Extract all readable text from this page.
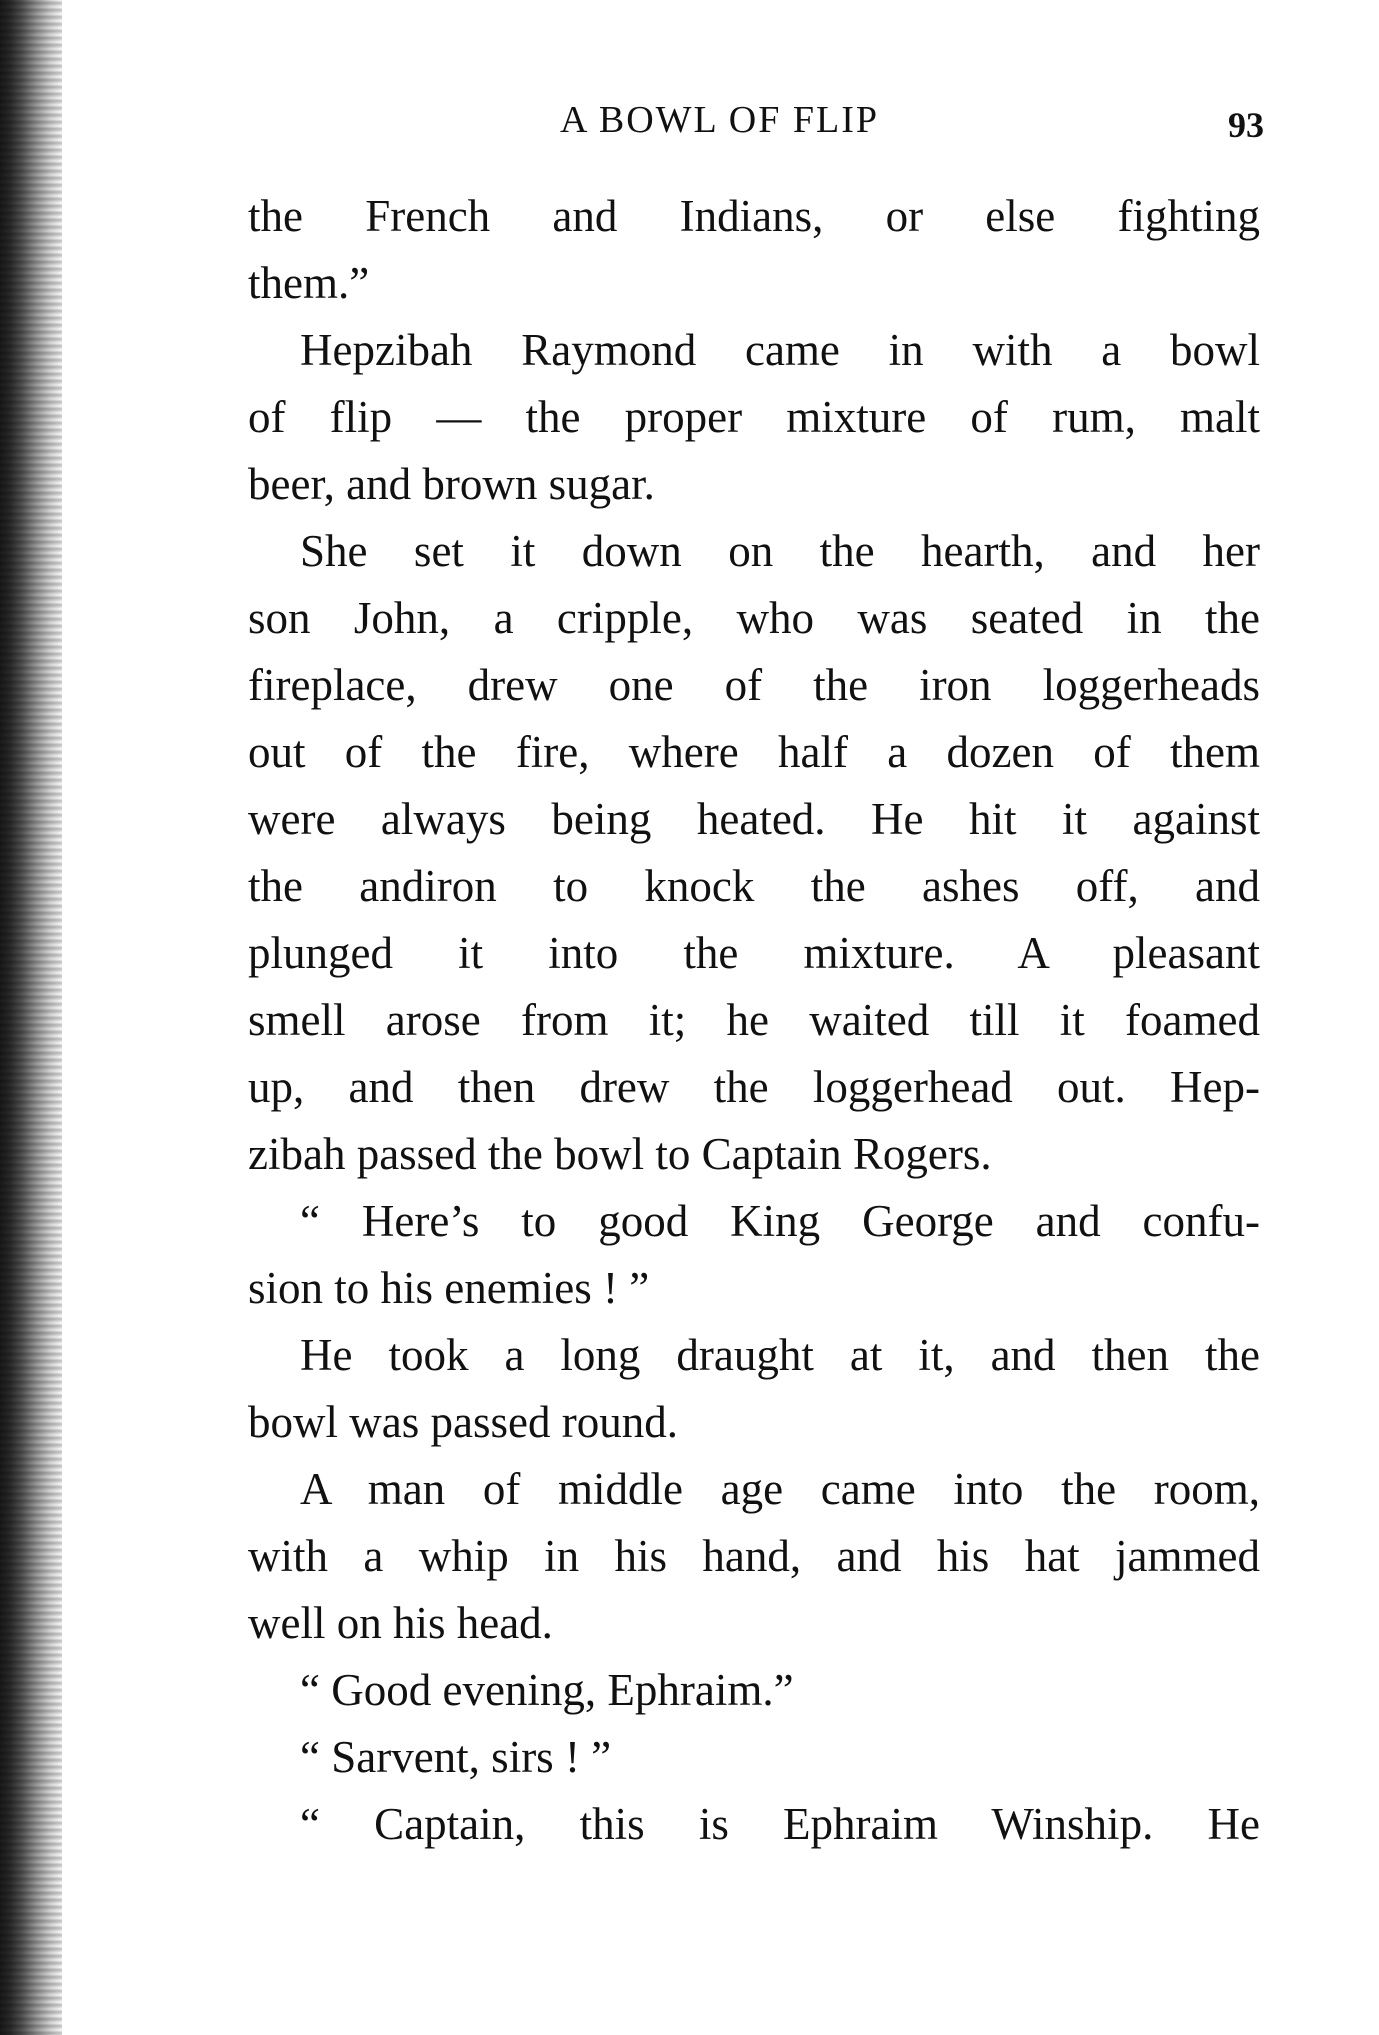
A BOWL OF FLIP	93
the French and Indians, or else fighting
them.”
Hepzibah Raymond came in with a bowl
of flip — the proper mixture of rum, malt
beer, and brown sugar.
She set it down on the hearth, and her
son John, a cripple, who was seated in the
fireplace, drew one of the iron loggerheads
out of the fire, where half a dozen of them
were always being heated. He hit it against
the andiron to knock the ashes off, and
plunged it into the mixture. A pleasant
smell arose from it; he waited till it foamed
up, and then drew the loggerhead out. Hep-
zibah passed the bowl to Captain Rogers.
“ Here’s to good King George and confu-
sion to his enemies ! ”
He took a long draught at it, and then the
bowl was passed round.
A man of middle age came into the room,
with a whip in his hand, and his hat jammed
well on his head.
“ Good evening, Ephraim.”
“ Sarvent, sirs ! ”
“ Captain, this is Ephraim Winship. He
